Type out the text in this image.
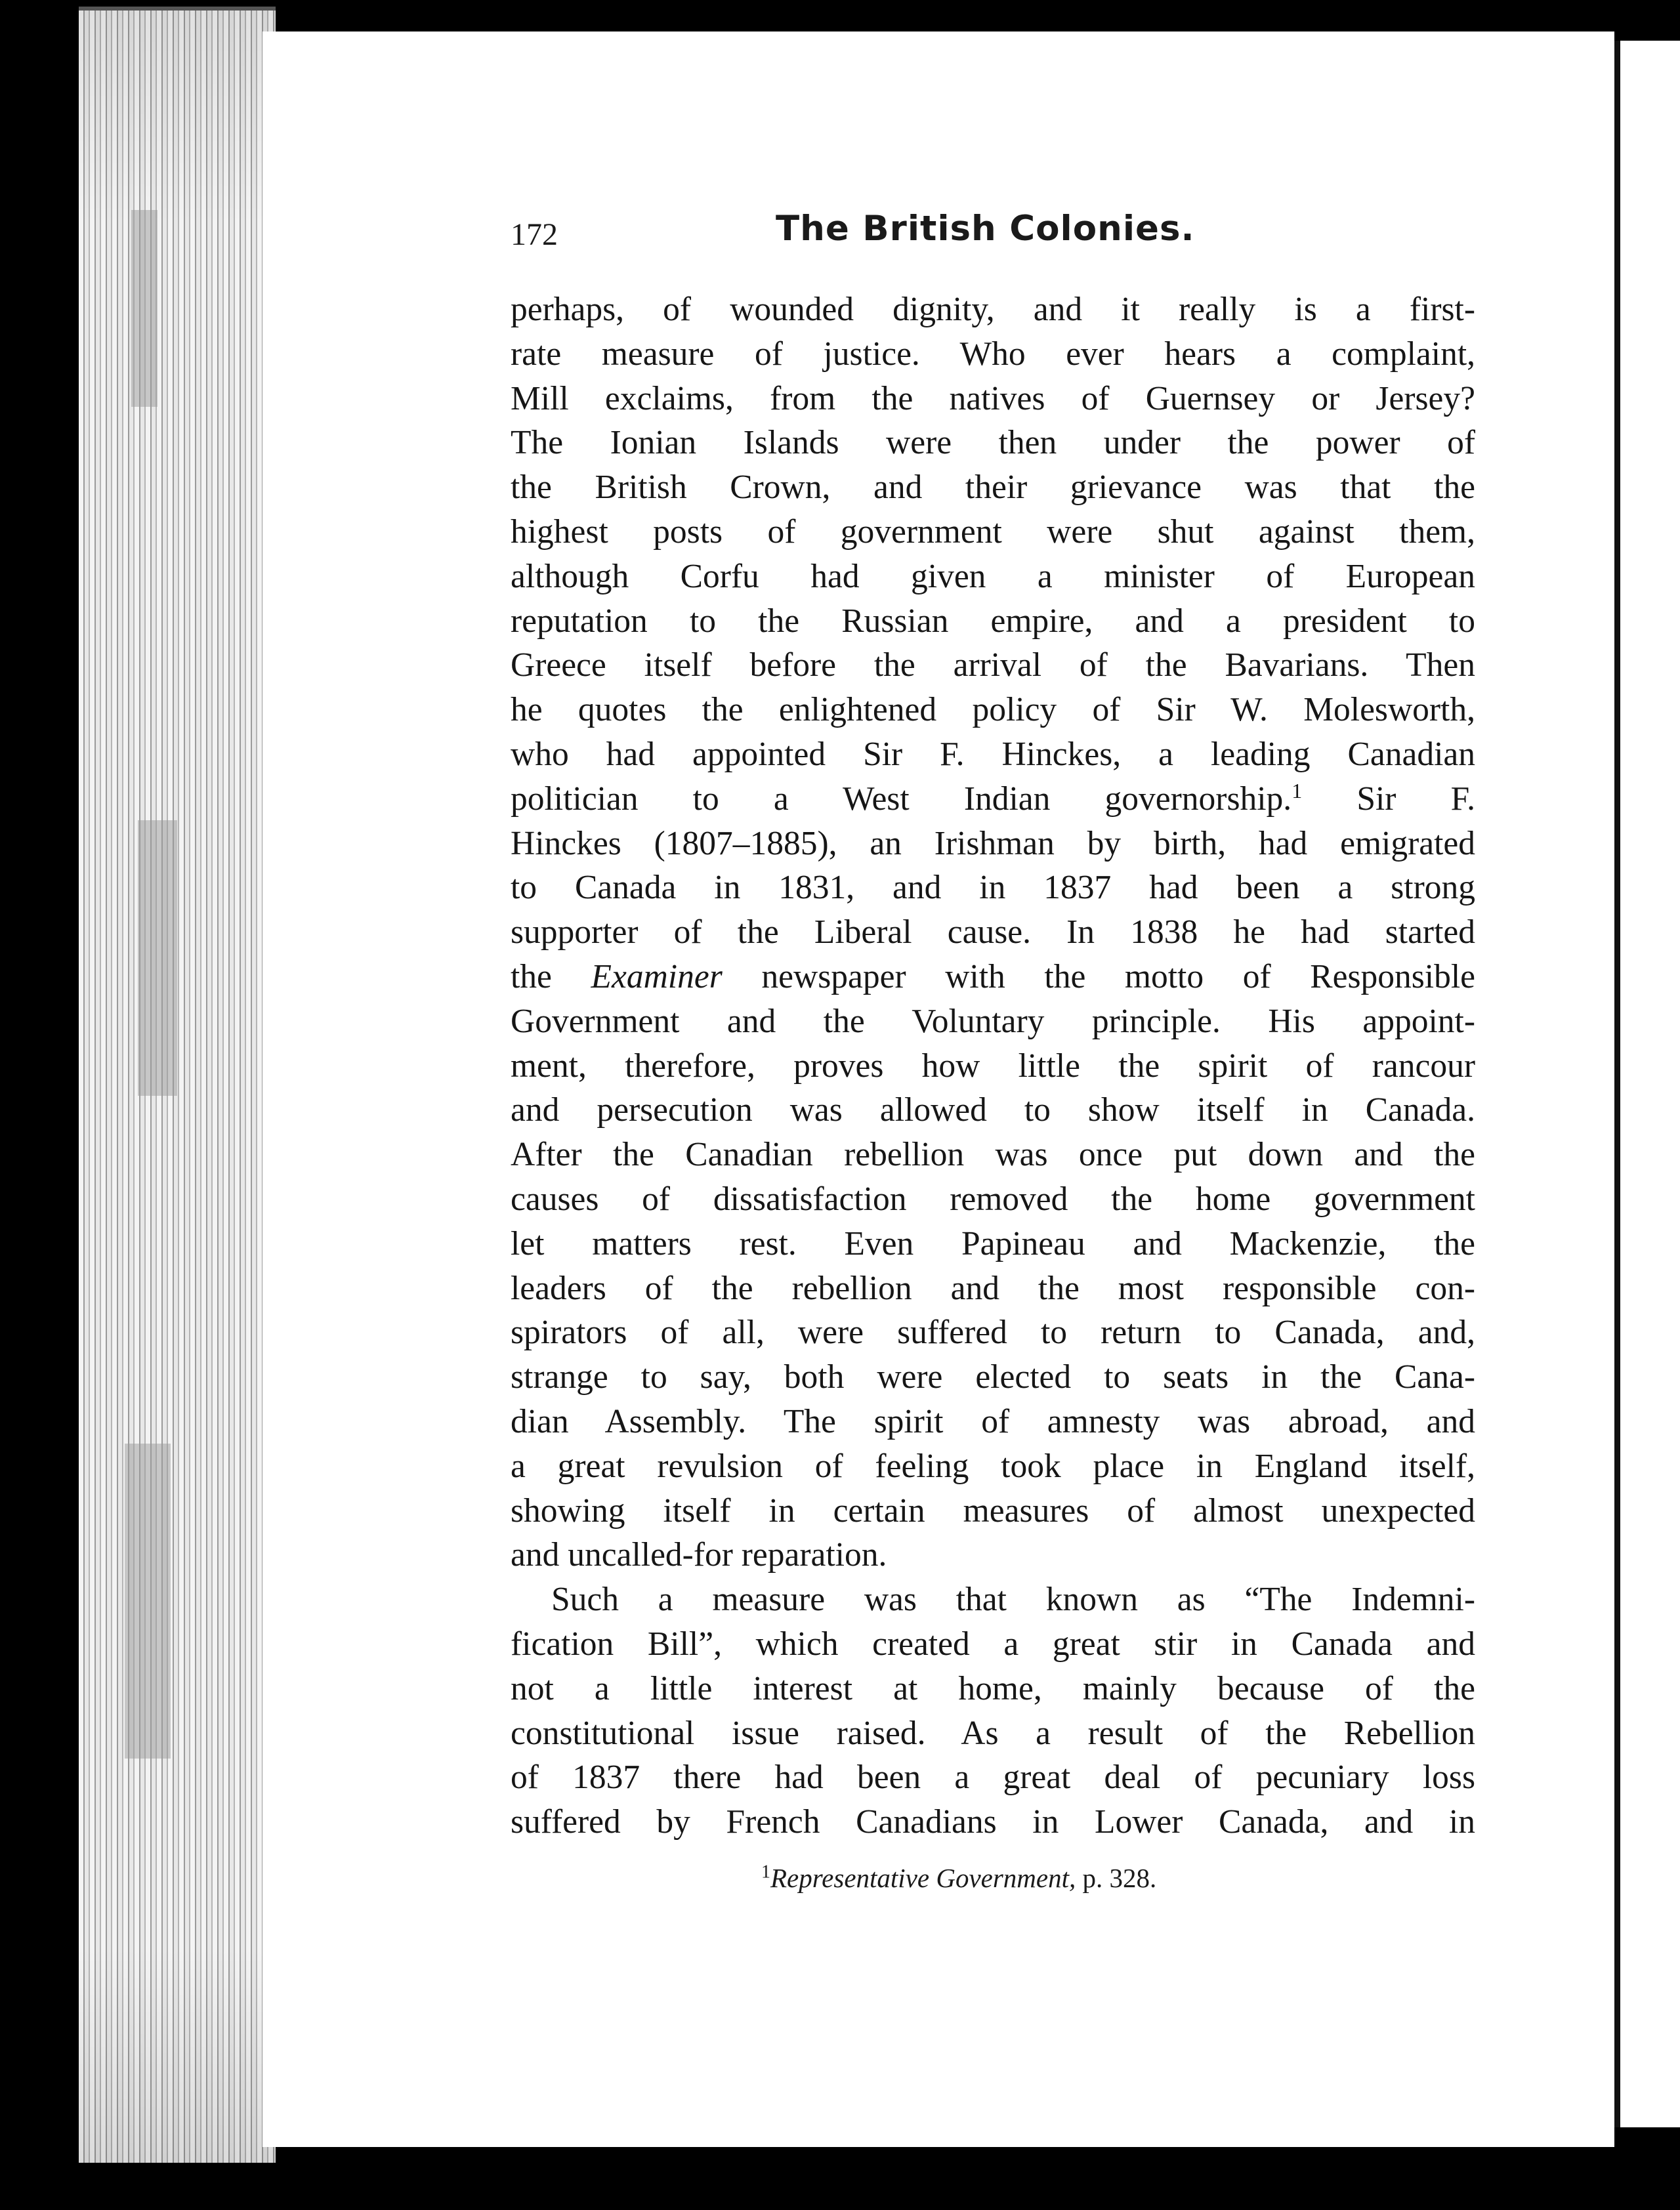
172	The British Colonies.
perhaps, of wounded dignity, and it really is a first-
rate measure of justice. Who ever hears a complaint,
Mill exclaims, from the natives of Guernsey or Jersey?
The Ionian Islands were then under the power of
the British Crown, and their grievance was that the
highest posts of government were shut against them,
although Corfu had given a minister of European
reputation to the Russian empire, and a president to
Greece itself before the arrival of the Bavarians. Then
he quotes the enlightened policy of Sir W. Molesworth,
who had appointed Sir F. Hinckes, a leading Canadian
politician to a West Indian governorship.$^1$ Sir F.
Hinckes (1807–1885), an Irishman by birth, had emigrated
to Canada in 1831, and in 1837 had been a strong
supporter of the Liberal cause. In 1838 he had started
the Examiner newspaper with the motto of Responsible
Government and the Voluntary principle. His appoint-
ment, therefore, proves how little the spirit of rancour
and persecution was allowed to show itself in Canada.
After the Canadian rebellion was once put down and the
causes of dissatisfaction removed the home government
let matters rest. Even Papineau and Mackenzie, the
leaders of the rebellion and the most responsible con-
spirators of all, were suffered to return to Canada, and,
strange to say, both were elected to seats in the Cana-
dian Assembly. The spirit of amnesty was abroad, and
a great revulsion of feeling took place in England itself,
showing itself in certain measures of almost unexpected
and uncalled-for reparation.
Such a measure was that known as “The Indemni-
fication Bill”, which created a great stir in Canada and
not a little interest at home, mainly because of the
constitutional issue raised. As a result of the Rebellion
of 1837 there had been a great deal of pecuniary loss
suffered by French Canadians in Lower Canada, and in
$^1$Representative Government, p. 328.
